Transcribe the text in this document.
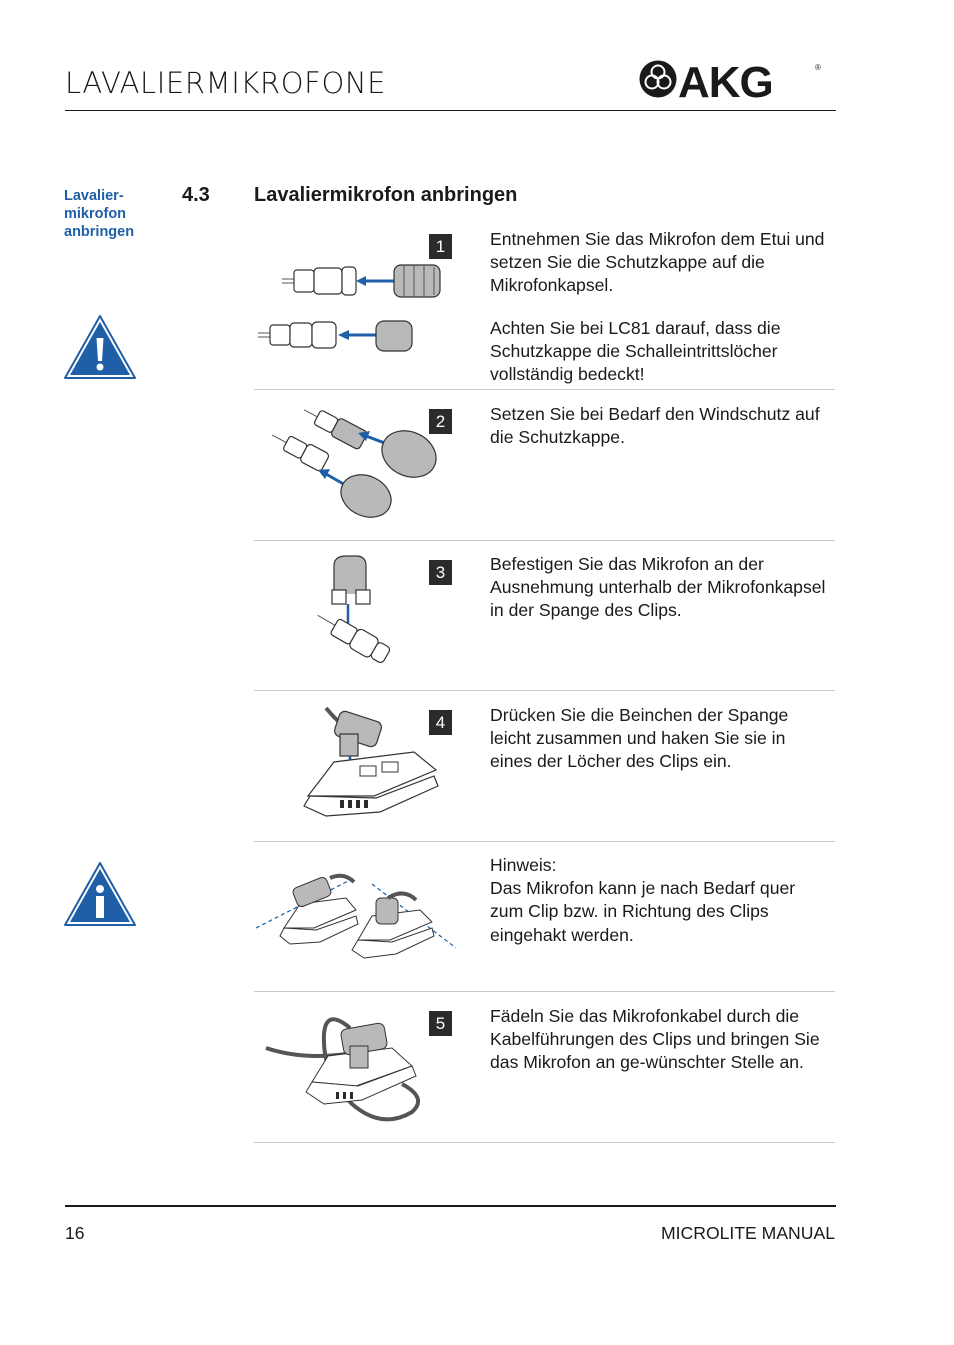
LAVALIERMIKROFONE	AKG	®
Lavalier-
mikrofon
anbringen
4.3 Lavaliermikrofon anbringen
1	Entnehmen Sie das Mikrofon dem Etui und setzen Sie die Schutzkappe auf die Mikrofonkapsel.

Achten Sie bei LC81 darauf, dass die Schutzkappe die Schalleintrittslöcher vollständig bedeckt!

2	Setzen Sie bei Bedarf den Windschutz auf die Schutzkappe.

3	Befestigen Sie das Mikrofon an der Ausnehmung unterhalb der Mikrofonkapsel in der Spange des Clips.

4	Drücken Sie die Beinchen der Spange leicht zusammen und haken Sie sie in eines der Löcher des Clips ein.

Hinweis:

Das Mikrofon kann je nach Bedarf quer zum Clip bzw. in Richtung des Clips eingehakt werden.

5	Fädeln Sie das Mikrofonkabel durch die Kabelführungen des Clips und bringen Sie das Mikrofon an ge-wünschter Stelle an.

16	MICROLITE MANUAL
